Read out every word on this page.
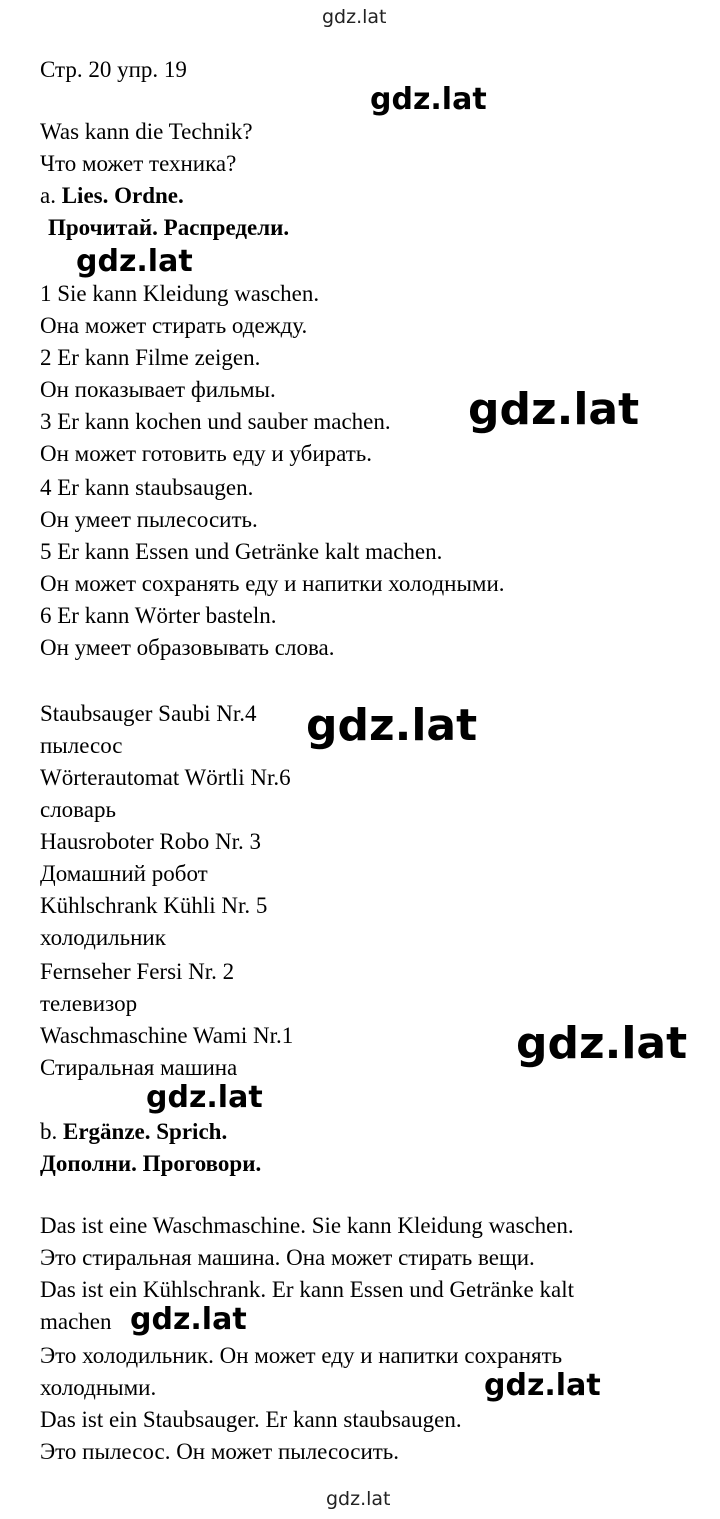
gdz.lat
Стр. 20 упр. 19
Was kann die Technik?
Что может техника?
a. Lies. Ordne.
Прочитай. Распредели.
1 Sie kann Kleidung waschen.
Она может стирать одежду.
2 Er kann Filme zeigen.
Он показывает фильмы.
3 Er kann kochen und sauber machen.
Он может готовить еду и убирать.
4 Er kann staubsaugen.
Он умеет пылесосить.
5 Er kann Essen und Getränke kalt machen.
Он может сохранять еду и напитки холодными.
6 Er kann Wörter basteln.
Он умеет образовывать слова.
Staubsauger Saubi Nr.4
пылесос
Wörterautomat Wörtli Nr.6
словарь
Hausroboter Robo Nr. 3
Домашний робот
Kühlschrank Kühli Nr. 5
холодильник
Fernseher Fersi Nr. 2
телевизор
Waschmaschine Wami Nr.1
Стиральная машина
b. Ergänze. Sprich.
Дополни. Проговори.
Das ist eine Waschmaschine. Sie kann Kleidung waschen.
Это стиральная машина. Она может стирать вещи.
Das ist ein Kühlschrank. Er kann Essen und Getränke kalt
machen
Это холодильник. Он может еду и напитки сохранять
холодными.
Das ist ein Staubsauger. Er kann staubsaugen.
Это пылесос. Он может пылесосить.
gdz.lat
gdz.lat
gdz.lat
gdz.lat
gdz.lat
gdz.lat
gdz.lat
gdz.lat
gdz.lat
